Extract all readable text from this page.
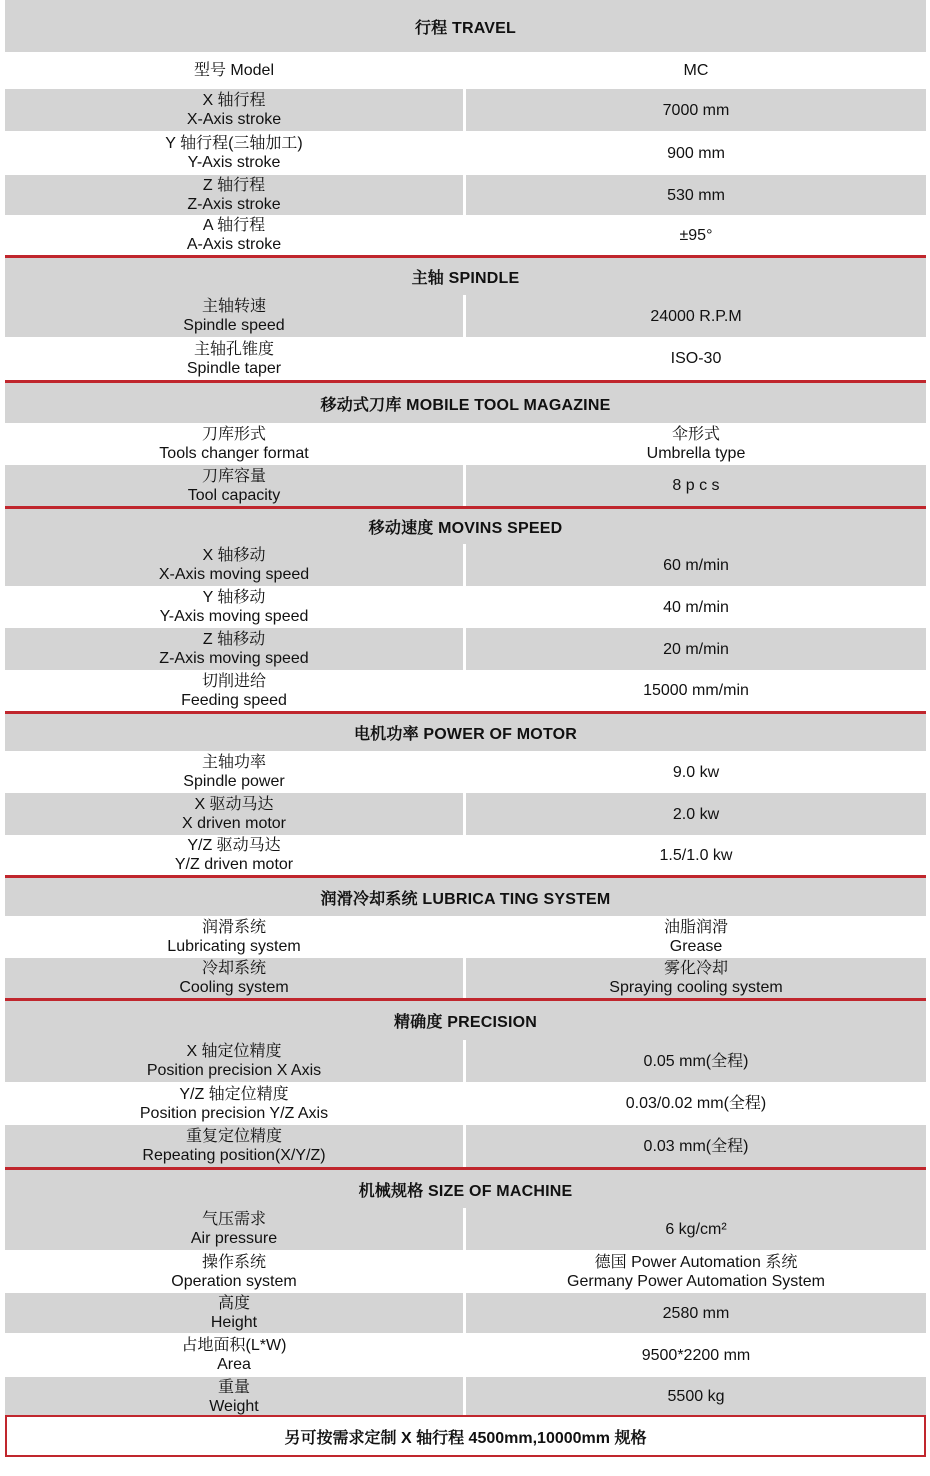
行程 TRAVEL
型号 Model	MC
X 轴行程
X-Axis stroke
7000 mm
Y 轴行程(三轴加工)
Y-Axis stroke
900 mm
Z 轴行程
Z-Axis stroke
530 mm
A 轴行程
A-Axis stroke
±95°
主轴 SPINDLE
主轴转速
Spindle speed
24000 R.P.M
主轴孔锥度
Spindle taper
ISO-30
移动式刀库 MOBILE TOOL MAGAZINE
刀库形式
Tools changer format
伞形式
Umbrella type
刀库容量
Tool capacity
8 p c s
移动速度 MOVINS SPEED
X 轴移动
X-Axis moving speed
60 m/min
Y 轴移动
Y-Axis moving speed
40 m/min
Z 轴移动
Z-Axis moving speed
20 m/min
切削进给
Feeding speed
15000 mm/min
电机功率 POWER OF MOTOR
主轴功率
Spindle power
9.0 kw
X 驱动马达
X driven motor
2.0 kw
Y/Z 驱动马达
Y/Z driven motor
1.5/1.0 kw
润滑冷却系统 LUBRICA TING SYSTEM
润滑系统
Lubricating system
油脂润滑
Grease
冷却系统
Cooling system
雾化冷却
Spraying cooling system
精确度 PRECISION
X 轴定位精度
Position precision X Axis
0.05 mm(全程)
Y/Z 轴定位精度
Position precision Y/Z Axis
0.03/0.02 mm(全程)
重复定位精度
Repeating position(X/Y/Z)
0.03 mm(全程)
机械规格 SIZE OF MACHINE
气压需求
Air pressure
6 kg/cm²
操作系统
Operation system
德国 Power Automation 系统
Germany Power Automation System
高度
Height
2580 mm
占地面积(L*W)
Area
9500*2200 mm
重量
Weight
5500 kg
另可按需求定制 X 轴行程 4500mm,10000mm 规格
